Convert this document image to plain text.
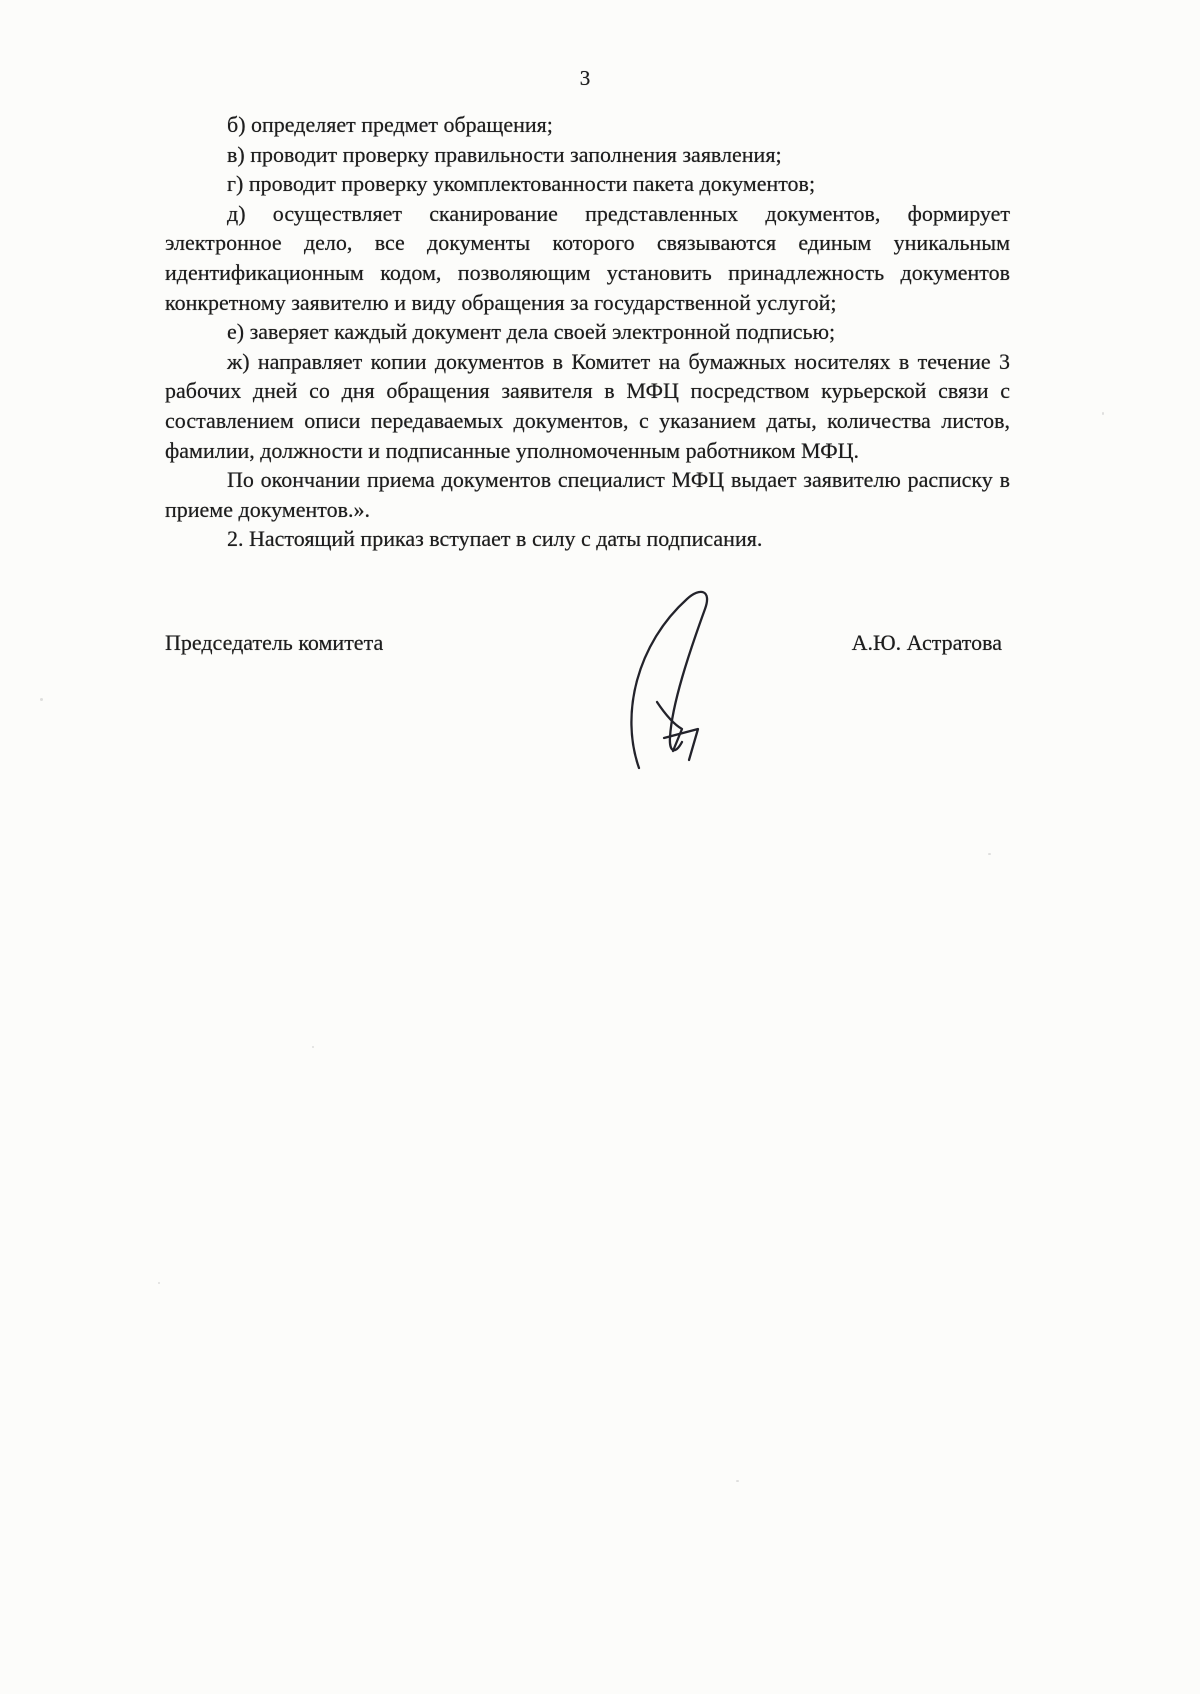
3

б) определяет предмет обращения;

в) проводит проверку правильности заполнения заявления;

г) проводит проверку укомплектованности пакета документов;

д) осуществляет сканирование представленных документов, формирует электронное дело, все документы которого связываются единым уникальным идентификационным кодом, позволяющим установить принадлежность документов конкретному заявителю и виду обращения за государственной услугой;

е) заверяет каждый документ дела своей электронной подписью;

ж) направляет копии документов в Комитет на бумажных носителях в течение 3 рабочих дней со дня обращения заявителя в МФЦ посредством курьерской связи с составлением описи передаваемых документов, с указанием даты, количества листов, фамилии, должности и подписанные уполномоченным работником МФЦ.

По окончании приема документов специалист МФЦ выдает заявителю расписку в приеме документов.».

2. Настоящий приказ вступает в силу с даты подписания.

Председатель комитета	А.Ю. Астратова
